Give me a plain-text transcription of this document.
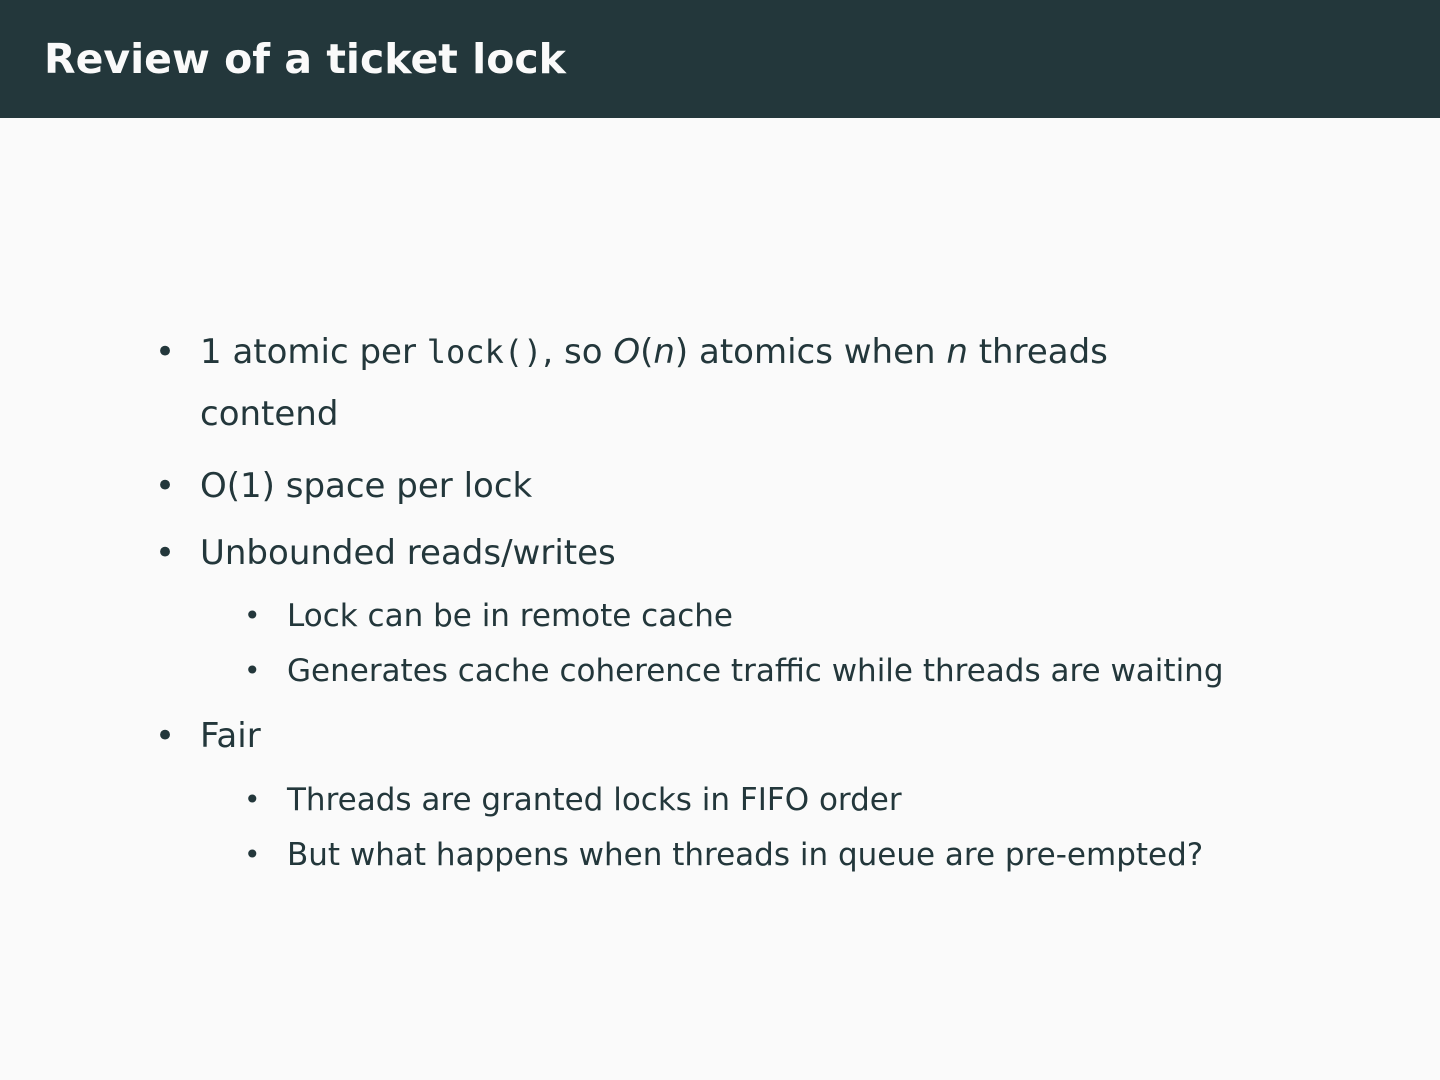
Review of a ticket lock
• 1 atomic per lock(), so O(n) atomics when n threads
contend
• O(1) space per lock
• Unbounded reads/writes
• Lock can be in remote cache
• Generates cache coherence traffic while threads are waiting
• Fair
• Threads are granted locks in FIFO order
• But what happens when threads in queue are pre-empted?
